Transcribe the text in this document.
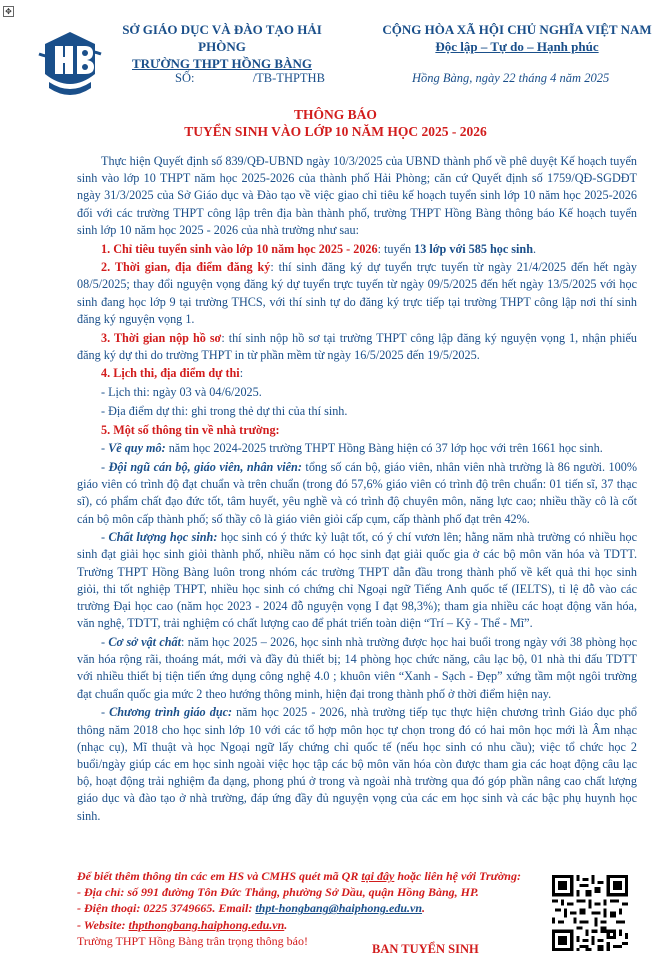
✥
SỞ GIÁO DỤC VÀ ĐÀO TẠO HẢI PHÒNG
TRƯỜNG THPT HỒNG BÀNG
CỘNG HÒA XÃ HỘI CHỦ NGHĨA VIỆT NAM
Độc lập – Tự do – Hạnh phúc
SỐ:	/TB-THPTHB	Hồng Bàng, ngày 22 tháng 4 năm 2025
THÔNG BÁO
TUYỂN SINH VÀO LỚP 10 NĂM HỌC 2025 - 2026

Thực hiện Quyết định số 839/QĐ-UBND ngày 10/3/2025 của UBND thành phố về phê duyệt Kế hoạch tuyển sinh vào lớp 10 THPT năm học 2025-2026 của thành phố Hải Phòng; căn cứ Quyết định số 1759/QĐ-SGDĐT ngày 31/3/2025 của Sở Giáo dục và Đào tạo về việc giao chỉ tiêu kế hoạch tuyển sinh lớp 10 năm học 2025-2026 đối với các trường THPT công lập trên địa bàn thành phố, trường THPT Hồng Bàng thông báo Kế hoạch tuyển sinh lớp 10 năm học 2025 - 2026 của nhà trường như sau:

1. Chỉ tiêu tuyển sinh vào lớp 10 năm học 2025 - 2026: tuyển 13 lớp với 585 học sinh.

2. Thời gian, địa điểm đăng ký: thí sinh đăng ký dự tuyển trực tuyến từ ngày 21/4/2025 đến hết ngày 08/5/2025; thay đổi nguyện vọng đăng ký dự tuyển trực tuyến từ ngày 09/5/2025 đến hết ngày 13/5/2025 với học sinh đang học lớp 9 tại trường THCS, với thí sinh tự do đăng ký trực tiếp tại trường THPT công lập nơi thí sinh đăng ký nguyện vọng 1.

3. Thời gian nộp hồ sơ: thí sinh nộp hồ sơ tại trường THPT công lập đăng ký nguyện vọng 1, nhận phiếu đăng ký dự thi do trường THPT in từ phần mềm từ ngày 16/5/2025 đến 19/5/2025.

4. Lịch thi, địa điểm dự thi:

- Lịch thi: ngày 03 và 04/6/2025.

- Địa điểm dự thi: ghi trong thẻ dự thi của thí sinh.

5. Một số thông tin về nhà trường:

- Về quy mô: năm học 2024-2025 trường THPT Hồng Bàng hiện có 37 lớp học với trên 1661 học sinh.

- Đội ngũ cán bộ, giáo viên, nhân viên: tổng số cán bộ, giáo viên, nhân viên nhà trường là 86 người. 100% giáo viên có trình độ đạt chuẩn và trên chuẩn (trong đó 57,6% giáo viên có trình độ trên chuẩn: 01 tiến sĩ, 37 thạc sĩ), có phẩm chất đạo đức tốt, tâm huyết, yêu nghề và có trình độ chuyên môn, năng lực cao; nhiều thầy cô là cốt cán bộ môn cấp thành phố; số thầy cô là giáo viên giỏi cấp cụm, cấp thành phố đạt trên 42%.

- Chất lượng học sinh: học sinh có ý thức kỷ luật tốt, có ý chí vươn lên; hằng năm nhà trường có nhiều học sinh đạt giải học sinh giỏi thành phố, nhiều năm có học sinh đạt giải quốc gia ở các bộ môn văn hóa và TDTT. Trường THPT Hồng Bàng luôn trong nhóm các trường THPT dẫn đầu trong thành phố về kết quả thi học sinh giỏi, thi tốt nghiệp THPT, nhiều học sinh có chứng chỉ Ngoại ngữ Tiếng Anh quốc tế (IELTS), tỉ lệ đỗ vào các trường Đại học cao (năm học 2023 - 2024 đỗ nguyện vọng I đạt 98,3%); tham gia nhiều các hoạt động văn hóa, văn nghệ, TDTT, trải nghiệm có chất lượng cao để phát triển toàn diện “Trí – Kỹ - Thể - Mĩ”.

- Cơ sở vật chất: năm học 2025 – 2026, học sinh nhà trường được học hai buổi trong ngày với 38 phòng học văn hóa rộng rãi, thoáng mát, mới và đầy đủ thiết bị; 14 phòng học chức năng, câu lạc bộ, 01 nhà thi đấu TDTT với nhiều thiết bị tiện tiến ứng dụng công nghệ 4.0 ; khuôn viên “Xanh - Sạch - Đẹp” xứng tầm một ngôi trường đạt chuẩn quốc gia mức 2 theo hướng thông minh, hiện đại trong thành phố ở thời điểm hiện nay.

- Chương trình giáo dục: năm học 2025 - 2026, nhà trường tiếp tục thực hiện chương trình Giáo dục phổ thông năm 2018 cho học sinh lớp 10 với các tổ hợp môn học tự chọn trong đó có hai môn học mới là Âm nhạc (nhạc cụ), Mĩ thuật và học Ngoại ngữ lấy chứng chỉ quốc tế (nếu học sinh có nhu cầu); việc tổ chức học 2 buổi/ngày giúp các em học sinh ngoài việc học tập các bộ môn văn hóa còn được tham gia các hoạt động câu lạc bộ, hoạt động trải nghiệm đa dạng, phong phú ở trong và ngoài nhà trường qua đó góp phần nâng cao chất lượng giáo dục và đào tạo ở nhà trường, đáp ứng đầy đủ nguyện vọng của các em học sinh và các bậc phụ huynh học sinh.

Để biết thêm thông tin các em HS và CMHS quét mã QR tại đây hoặc liên hệ với Trường:
- Địa chỉ: số 991 đường Tôn Đức Thắng, phường Sở Dầu, quận Hồng Bàng, HP.
- Điện thoại: 0225 3749665. Email: thpt-hongbang@haiphong.edu.vn.
- Website: thpthongbang.haiphong.edu.vn.
Trường THPT Hồng Bàng trân trọng thông báo!
BAN TUYỂN SINH
